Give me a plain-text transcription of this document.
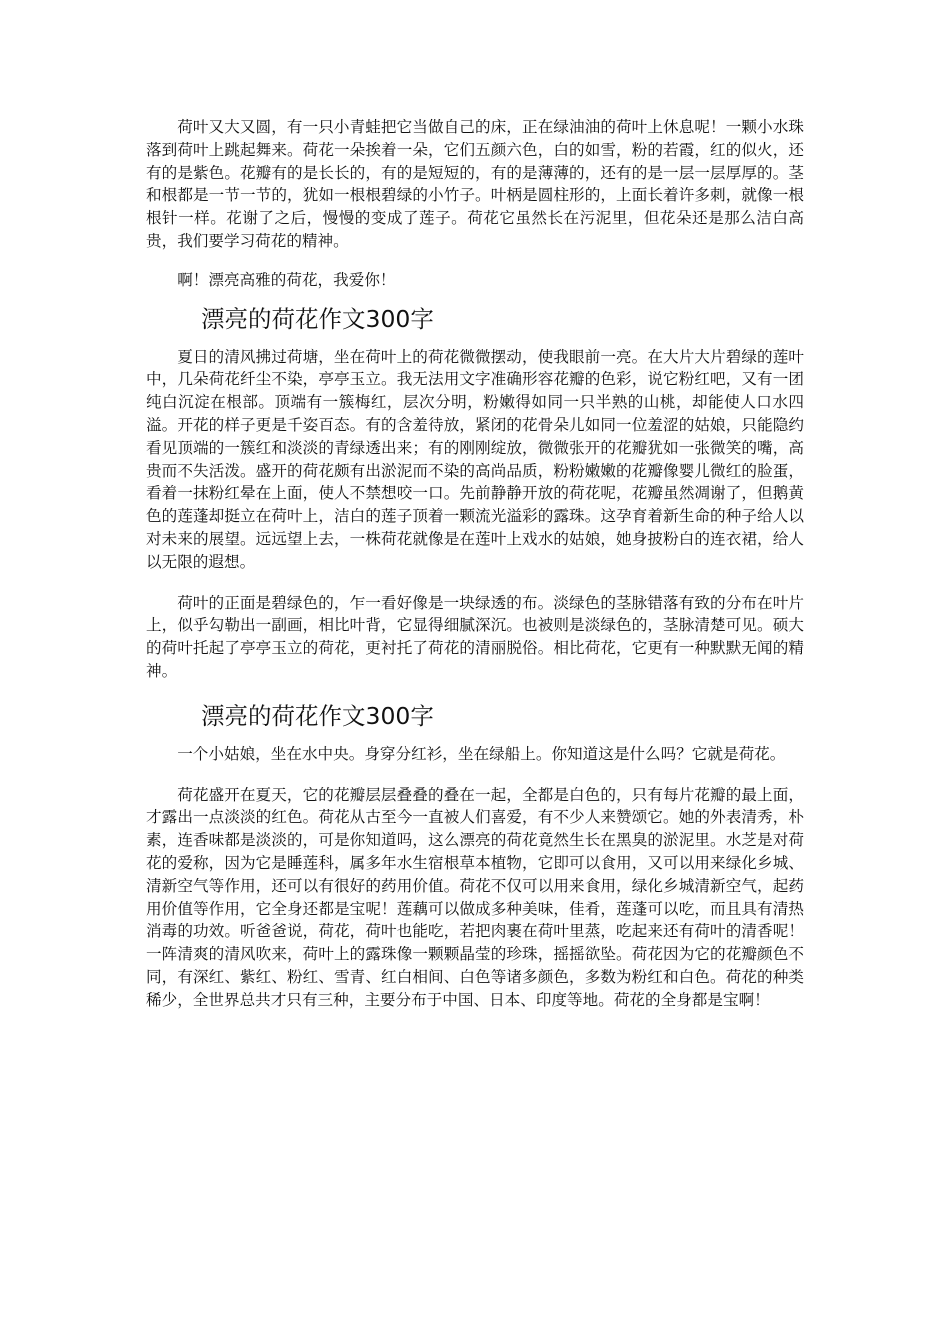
荷叶又大又圆，有一只小青蛙把它当做自己的床，正在绿油油的荷叶上休息呢！一颗小水珠落到荷叶上跳起舞来。荷花一朵挨着一朵，它们五颜六色，白的如雪，粉的若霞，红的似火，还有的是紫色。花瓣有的是长长的，有的是短短的，有的是薄薄的，还有的是一层一层厚厚的。茎和根都是一节一节的，犹如一根根碧绿的小竹子。叶柄是圆柱形的，上面长着许多刺，就像一根根针一样。花谢了之后，慢慢的变成了莲子。荷花它虽然长在污泥里，但花朵还是那么洁白高贵，我们要学习荷花的精神。

啊！漂亮高雅的荷花，我爱你！

漂亮的荷花作文300字

夏日的清风拂过荷塘，坐在荷叶上的荷花微微摆动，使我眼前一亮。在大片大片碧绿的莲叶中，几朵荷花纤尘不染，亭亭玉立。我无法用文字准确形容花瓣的色彩，说它粉红吧，又有一团纯白沉淀在根部。顶端有一簇梅红，层次分明，粉嫩得如同一只半熟的山桃，却能使人口水四溢。开花的样子更是千姿百态。有的含羞待放，紧闭的花骨朵儿如同一位羞涩的姑娘，只能隐约看见顶端的一簇红和淡淡的青绿透出来；有的刚刚绽放，微微张开的花瓣犹如一张微笑的嘴，高贵而不失活泼。盛开的荷花颇有出淤泥而不染的高尚品质，粉粉嫩嫩的花瓣像婴儿微红的脸蛋，看着一抹粉红晕在上面，使人不禁想咬一口。先前静静开放的荷花呢，花瓣虽然凋谢了，但鹅黄色的莲蓬却挺立在荷叶上，洁白的莲子顶着一颗流光溢彩的露珠。这孕育着新生命的种子给人以对未来的展望。远远望上去，一株荷花就像是在莲叶上戏水的姑娘，她身披粉白的连衣裙，给人以无限的遐想。

荷叶的正面是碧绿色的，乍一看好像是一块绿透的布。淡绿色的茎脉错落有致的分布在叶片上，似乎勾勒出一副画，相比叶背，它显得细腻深沉。也被则是淡绿色的，茎脉清楚可见。硕大的荷叶托起了亭亭玉立的荷花，更衬托了荷花的清丽脱俗。相比荷花，它更有一种默默无闻的精神。

漂亮的荷花作文300字

一个小姑娘，坐在水中央。身穿分红衫，坐在绿船上。你知道这是什么吗？它就是荷花。

荷花盛开在夏天，它的花瓣层层叠叠的叠在一起，全都是白色的，只有每片花瓣的最上面，才露出一点淡淡的红色。荷花从古至今一直被人们喜爱，有不少人来赞颂它。她的外表清秀，朴素，连香味都是淡淡的，可是你知道吗，这么漂亮的荷花竟然生长在黑臭的淤泥里。水芝是对荷花的爱称，因为它是睡莲科，属多年水生宿根草本植物，它即可以食用，又可以用来绿化乡城、清新空气等作用，还可以有很好的药用价值。荷花不仅可以用来食用，绿化乡城清新空气，起药用价值等作用，它全身还都是宝呢！莲藕可以做成多种美味，佳肴，莲蓬可以吃，而且具有清热消毒的功效。听爸爸说，荷花，荷叶也能吃，若把肉裹在荷叶里蒸，吃起来还有荷叶的清香呢！一阵清爽的清风吹来，荷叶上的露珠像一颗颗晶莹的珍珠，摇摇欲坠。荷花因为它的花瓣颜色不同，有深红、紫红、粉红、雪青、红白相间、白色等诸多颜色，多数为粉红和白色。荷花的种类稀少，全世界总共才只有三种，主要分布于中国、日本、印度等地。荷花的全身都是宝啊！
